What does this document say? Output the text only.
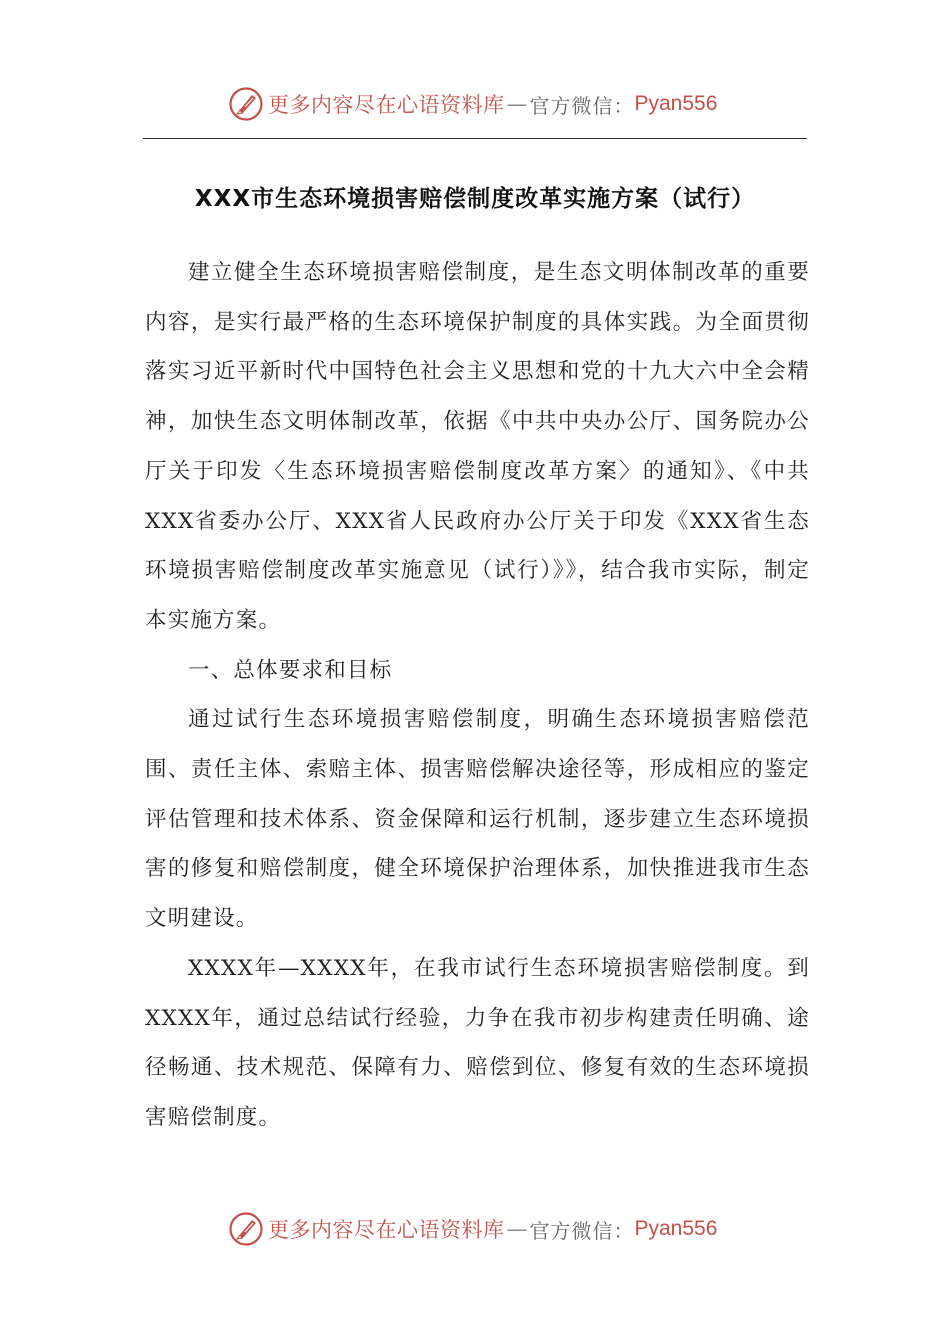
更多内容尽在心语资料库 — 官方微信： Pyan556
XXX市生态环境损害赔偿制度改革实施方案（试行）

建立健全生态环境损害赔偿制度，是生态文明体制改革的重要内容，是实行最严格的生态环境保护制度的具体实践。为全面贯彻落实习近平新时代中国特色社会主义思想和党的十九大六中全会精神，加快生态文明体制改革，依据《中共中央办公厅、国务院办公厅关于印发〈生态环境损害赔偿制度改革方案〉的通知》、《中共XXX省委办公厅、XXX省人民政府办公厅关于印发《XXX省生态环境损害赔偿制度改革实施意见（试行）》》，结合我市实际，制定本实施方案。

一、总体要求和目标

通过试行生态环境损害赔偿制度，明确生态环境损害赔偿范围、责任主体、索赔主体、损害赔偿解决途径等，形成相应的鉴定评估管理和技术体系、资金保障和运行机制，逐步建立生态环境损害的修复和赔偿制度，健全环境保护治理体系，加快推进我市生态文明建设。

XXXX年—XXXX年，在我市试行生态环境损害赔偿制度。到XXXX年，通过总结试行经验，力争在我市初步构建责任明确、途径畅通、技术规范、保障有力、赔偿到位、修复有效的生态环境损害赔偿制度。

更多内容尽在心语资料库 — 官方微信： Pyan556
